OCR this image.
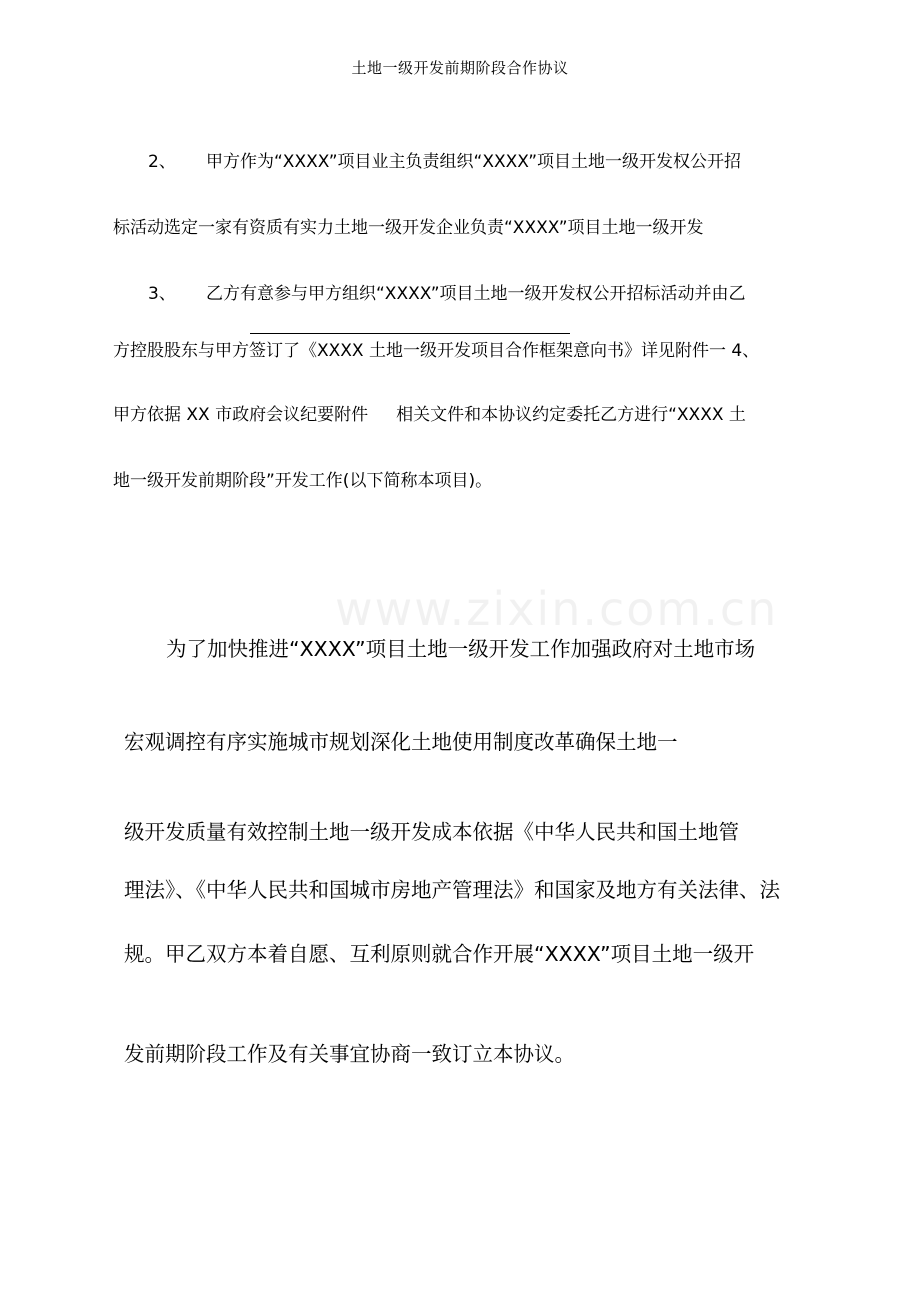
土地一级开发前期阶段合作协议
2、 甲方作为“XXXX”项目业主负责组织“XXXX”项目土地一级开发权公开招
标活动选定一家有资质有实力土地一级开发企业负责“XXXX”项目土地一级开发
3、 乙方有意参与甲方组织“XXXX”项目土地一级开发权公开招标活动并由乙
方控股股东与甲方签订了《XXXX 土地一级开发项目合作框架意向书》详见附件一 4、
甲方依据 XX 市政府会议纪要附件 相关文件和本协议约定委托乙方进行“XXXX 土
地一级开发前期阶段”开发工作(以下简称本项目)。
www.zixin.com.cn
为了加快推进“XXXX”项目土地一级开发工作加强政府对土地市场
宏观调控有序实施城市规划深化土地使用制度改革确保土地一
级开发质量有效控制土地一级开发成本依据《中华人民共和国土地管
理法》、《中华人民共和国城市房地产管理法》和国家及地方有关法律、法
规。甲乙双方本着自愿、互利原则就合作开展“XXXX”项目土地一级开
发前期阶段工作及有关事宜协商一致订立本协议。
